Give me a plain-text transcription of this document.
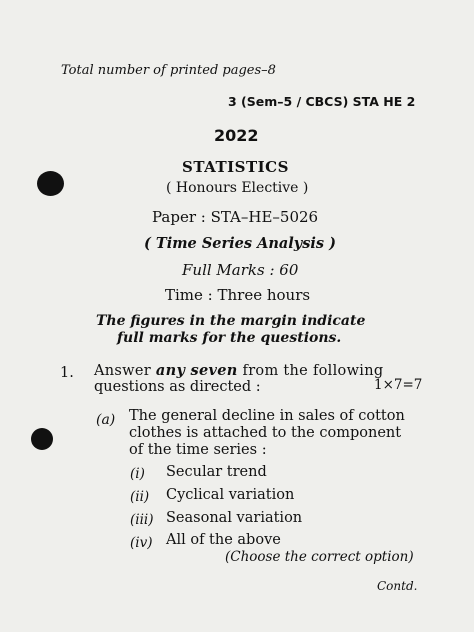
Total number of printed pages–8
3 (Sem–5 / CBCS) STA HE 2
2022
STATISTICS
( Honours Elective )
Paper : STA–HE–5026
( Time Series Analysis )
Full Marks : 60
Time : Three hours
The figures in the margin indicate
full marks for the questions.
1. Answer any seven from the following
questions as directed :	1×7=7
(a) The general decline in sales of cotton
clothes is attached to the component
of the time series :
(i) Secular trend
(ii) Cyclical variation
(iii) Seasonal variation
(iv) All of the above
(Choose the correct option)
Contd.
